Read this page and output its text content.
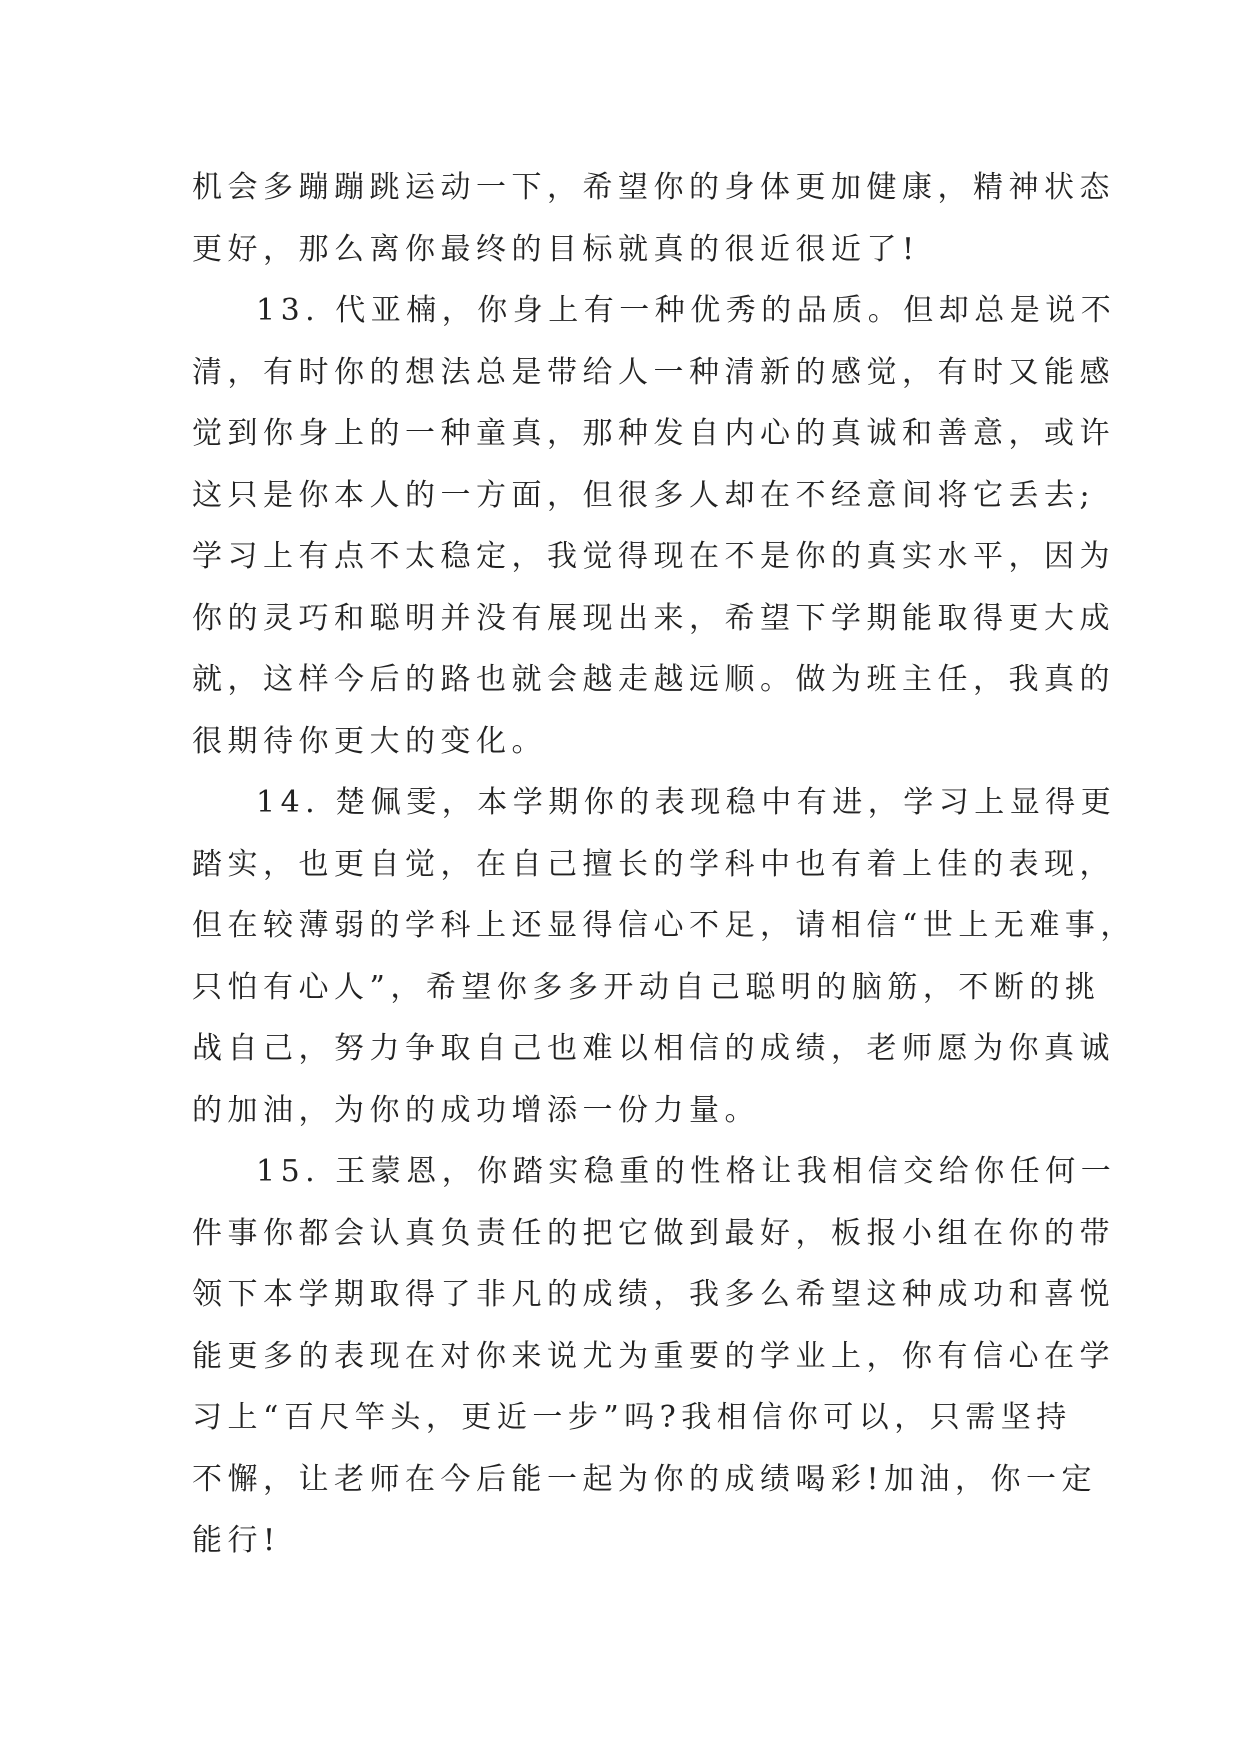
机会多蹦蹦跳运动一下，希望你的身体更加健康，精神状态
更好，那么离你最终的目标就真的很近很近了!
13. 代亚楠，你身上有一种优秀的品质。但却总是说不
清，有时你的想法总是带给人一种清新的感觉，有时又能感
觉到你身上的一种童真，那种发自内心的真诚和善意，或许
这只是你本人的一方面，但很多人却在不经意间将它丢去;
学习上有点不太稳定，我觉得现在不是你的真实水平，因为
你的灵巧和聪明并没有展现出来，希望下学期能取得更大成
就，这样今后的路也就会越走越远顺。做为班主任，我真的
很期待你更大的变化。
14. 楚佩雯，本学期你的表现稳中有进，学习上显得更
踏实，也更自觉，在自己擅长的学科中也有着上佳的表现，
但在较薄弱的学科上还显得信心不足，请相信“世上无难事，
只怕有心人”，希望你多多开动自己聪明的脑筋，不断的挑
战自己，努力争取自己也难以相信的成绩，老师愿为你真诚
的加油，为你的成功增添一份力量。
15. 王蒙恩，你踏实稳重的性格让我相信交给你任何一
件事你都会认真负责任的把它做到最好，板报小组在你的带
领下本学期取得了非凡的成绩，我多么希望这种成功和喜悦
能更多的表现在对你来说尤为重要的学业上，你有信心在学
习上“百尺竿头，更近一步”吗?我相信你可以，只需坚持
不懈，让老师在今后能一起为你的成绩喝彩!加油，你一定
能行!
